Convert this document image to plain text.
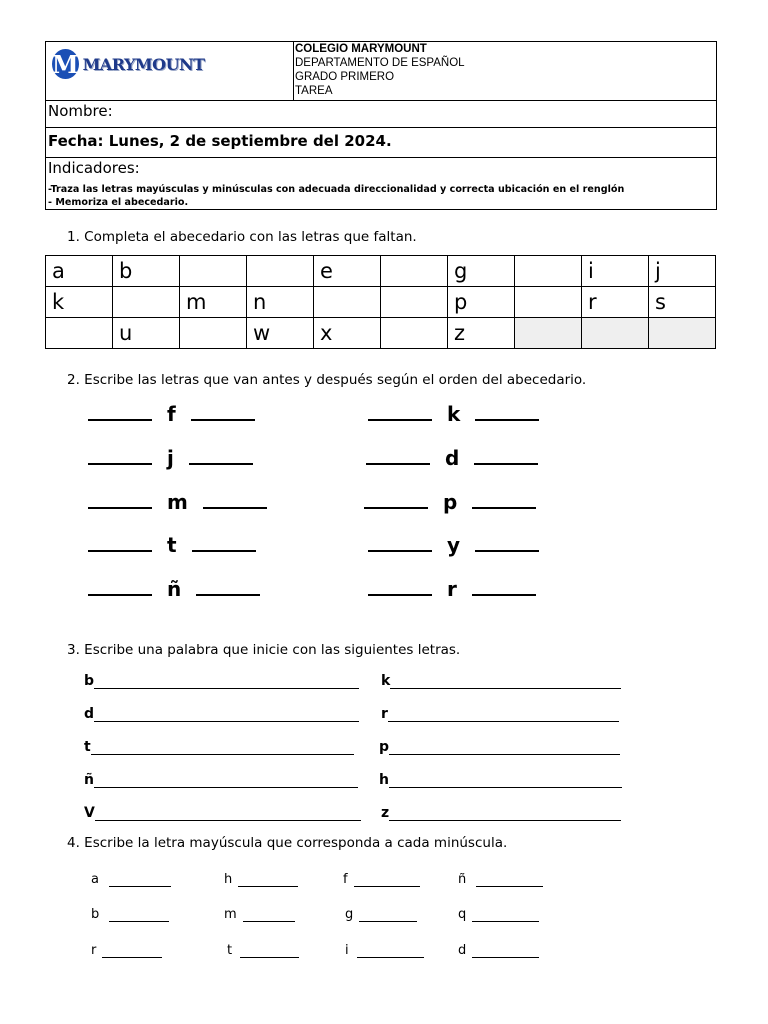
M MARYMOUNT
COLEGIO MARYMOUNT
DEPARTAMENTO DE ESPAÑOL
GRADO PRIMERO
TAREA
Nombre:
Fecha: Lunes, 2 de septiembre del 2024.
Indicadores:
-Traza las letras mayúsculas y minúsculas con adecuada direccionalidad y correcta ubicación en el renglón
- Memoriza el abecedario.
1. Completa el abecedario con las letras que faltan.
a	b			e		g		i	j
k		m	n			p		r	s
	u		w	x		z			
2. Escribe las letras que van antes y después según el orden del abecedario.
f
j
m
t
ñ
k
d
p
y
r
3. Escribe una palabra que inicie con las siguientes letras.
b
d
t
ñ
V
k
r
p
h
z
4. Escribe la letra mayúscula que corresponda a cada minúscula.
a	h	f	ñ
b	m	g	q
r	t	i	d
